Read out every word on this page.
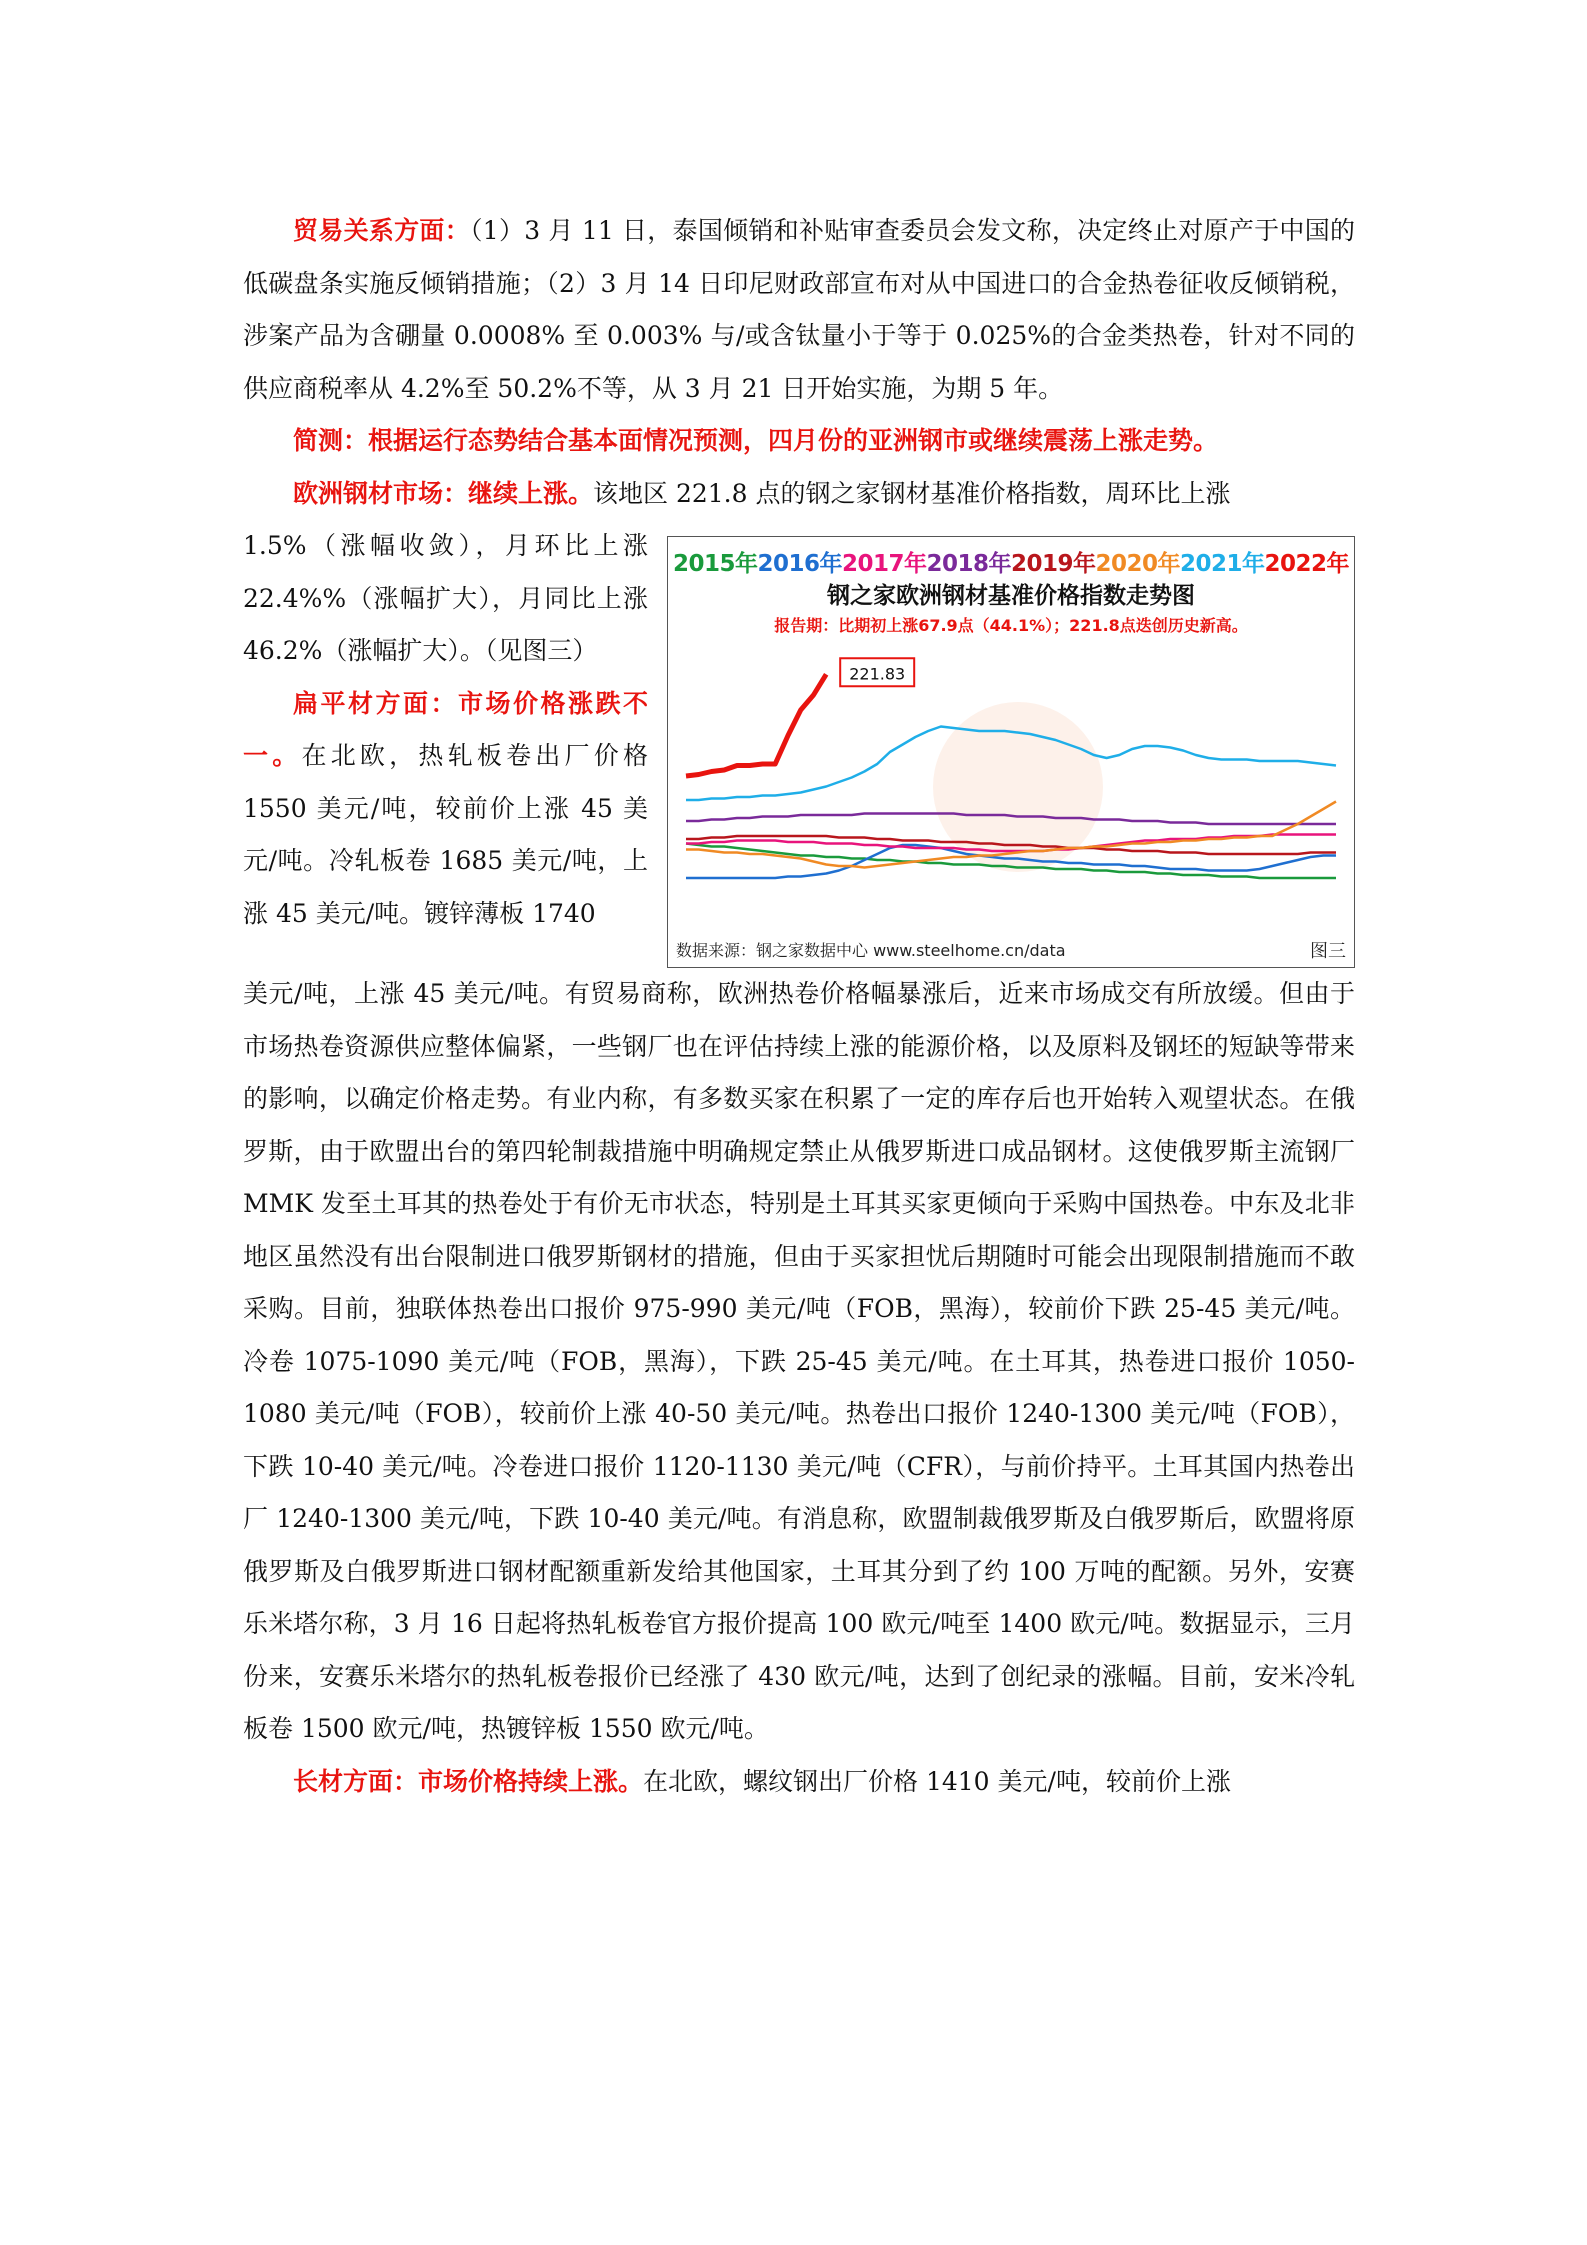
贸易关系方面：（1）3 月 11 日，泰国倾销和补贴审查委员会发文称，决定终止对原产于中国的低碳盘条实施反倾销措施；（2）3 月 14 日印尼财政部宣布对从中国进口的合金热卷征收反倾销税，涉案产品为含硼量 0.0008% 至 0.003% 与/或含钛量小于等于 0.025%的合金类热卷，针对不同的供应商税率从 4.2%至 50.2%不等，从 3 月 21 日开始实施，为期 5 年。

简测：根据运行态势结合基本面情况预测，四月份的亚洲钢市或继续震荡上涨走势。

欧洲钢材市场：继续上涨。该地区 221.8 点的钢之家钢材基准价格指数，周环比上涨

1.5%（涨幅收敛），月环比上涨 22.4%%（涨幅扩大），月同比上涨 46.2%（涨幅扩大）。（见图三）

扁平材方面：市场价格涨跌不一。在北欧，热轧板卷出厂价格 1550 美元/吨，较前价上涨 45 美元/吨。冷轧板卷 1685 美元/吨，上涨 45 美元/吨。镀锌薄板 1740

221.83
2015年2016年2017年2018年2019年2020年2021年2022年
钢之家欧洲钢材基准价格指数走势图
报告期：比期初上涨67.9点（44.1%）；221.8点迭创历史新高。
数据来源：钢之家数据中心 www.steelhome.cn/data	图三

美元/吨，上涨 45 美元/吨。有贸易商称，欧洲热卷价格幅暴涨后，近来市场成交有所放缓。但由于市场热卷资源供应整体偏紧，一些钢厂也在评估持续上涨的能源价格，以及原料及钢坯的短缺等带来的影响，以确定价格走势。有业内称，有多数买家在积累了一定的库存后也开始转入观望状态。在俄罗斯，由于欧盟出台的第四轮制裁措施中明确规定禁止从俄罗斯进口成品钢材。这使俄罗斯主流钢厂 MMK 发至土耳其的热卷处于有价无市状态，特别是土耳其买家更倾向于采购中国热卷。中东及北非地区虽然没有出台限制进口俄罗斯钢材的措施，但由于买家担忧后期随时可能会出现限制措施而不敢采购。目前，独联体热卷出口报价 975-990 美元/吨（FOB，黑海），较前价下跌 25-45 美元/吨。冷卷 1075-1090 美元/吨（FOB，黑海），下跌 25-45 美元/吨。在土耳其，热卷进口报价 1050-1080 美元/吨（FOB），较前价上涨 40-50 美元/吨。热卷出口报价 1240-1300 美元/吨（FOB），下跌 10-40 美元/吨。冷卷进口报价 1120-1130 美元/吨（CFR），与前价持平。土耳其国内热卷出厂 1240-1300 美元/吨，下跌 10-40 美元/吨。有消息称，欧盟制裁俄罗斯及白俄罗斯后，欧盟将原俄罗斯及白俄罗斯进口钢材配额重新发给其他国家，土耳其分到了约 100 万吨的配额。另外，安赛乐米塔尔称，3 月 16 日起将热轧板卷官方报价提高 100 欧元/吨至 1400 欧元/吨。数据显示，三月份来，安赛乐米塔尔的热轧板卷报价已经涨了 430 欧元/吨，达到了创纪录的涨幅。目前，安米冷轧板卷 1500 欧元/吨，热镀锌板 1550 欧元/吨。

长材方面：市场价格持续上涨。在北欧，螺纹钢出厂价格 1410 美元/吨，较前价上涨
